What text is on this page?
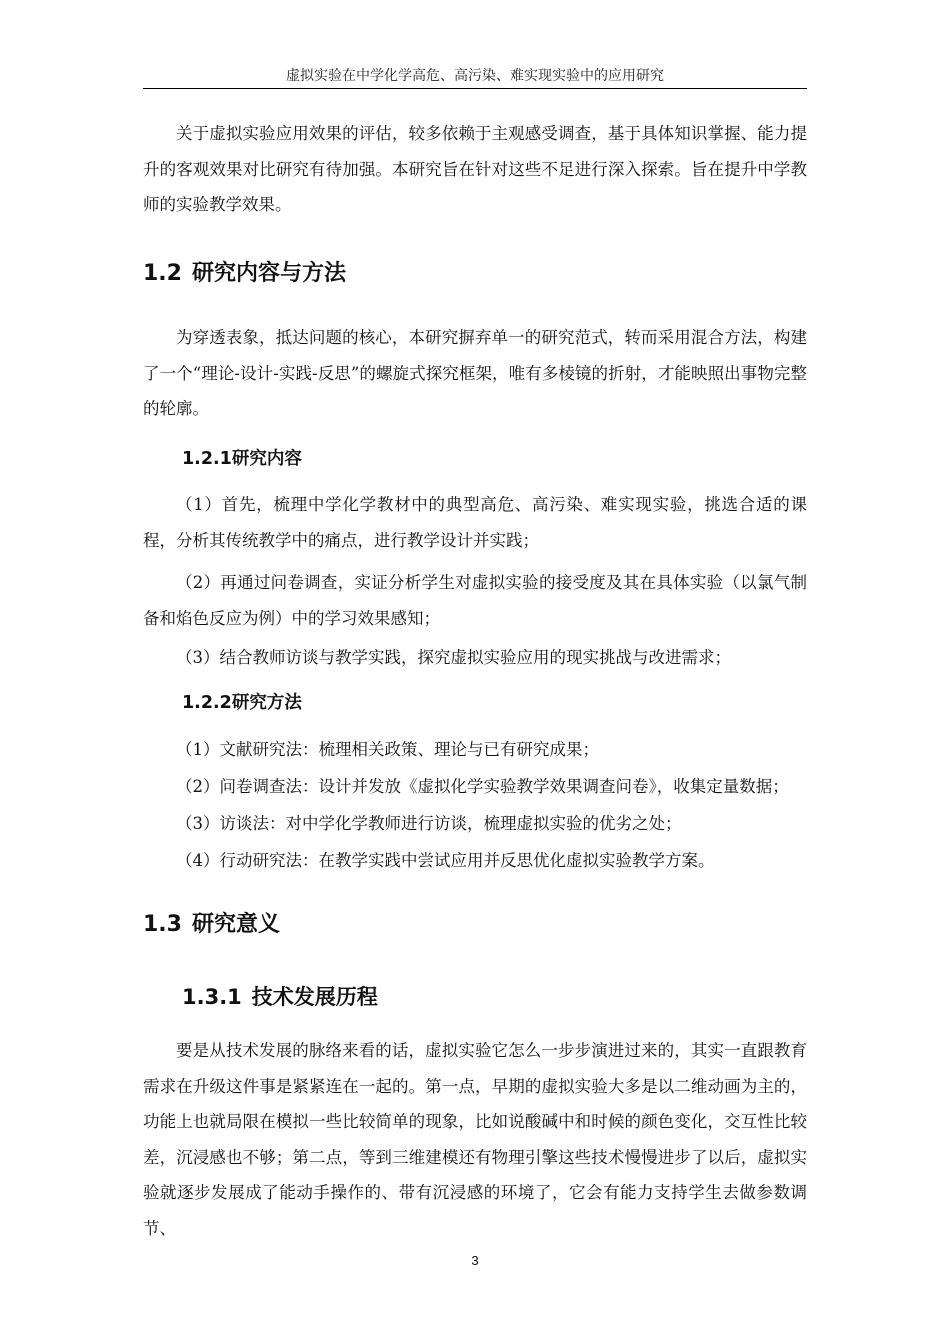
虚拟实验在中学化学高危、高污染、难实现实验中的应用研究

关于虚拟实验应用效果的评估，较多依赖于主观感受调查，基于具体知识掌握、能力提升的客观效果对比研究有待加强。本研究旨在针对这些不足进行深入探索。旨在提升中学教师的实验教学效果。

1.2 研究内容与方法

为穿透表象，抵达问题的核心，本研究摒弃单一的研究范式，转而采用混合方法，构建了一个“理论-设计-实践-反思”的螺旋式探究框架，唯有多棱镜的折射，才能映照出事物完整的轮廓。

1.2.1研究内容

（1）首先，梳理中学化学教材中的典型高危、高污染、难实现实验，挑选合适的课程，分析其传统教学中的痛点，进行教学设计并实践；

（2）再通过问卷调查，实证分析学生对虚拟实验的接受度及其在具体实验（以氯气制备和焰色反应为例）中的学习效果感知；

（3）结合教师访谈与教学实践，探究虚拟实验应用的现实挑战与改进需求；

1.2.2研究方法

（1）文献研究法：梳理相关政策、理论与已有研究成果；

（2）问卷调查法：设计并发放《虚拟化学实验教学效果调查问卷》，收集定量数据；

（3）访谈法：对中学化学教师进行访谈，梳理虚拟实验的优劣之处；

（4）行动研究法：在教学实践中尝试应用并反思优化虚拟实验教学方案。

1.3 研究意义
1.3.1 技术发展历程

要是从技术发展的脉络来看的话，虚拟实验它怎么一步步演进过来的，其实一直跟教育需求在升级这件事是紧紧连在一起的。第一点，早期的虚拟实验大多是以二维动画为主的，功能上也就局限在模拟一些比较简单的现象，比如说酸碱中和时候的颜色变化，交互性比较差，沉浸感也不够；第二点，等到三维建模还有物理引擎这些技术慢慢进步了以后，虚拟实验就逐步发展成了能动手操作的、带有沉浸感的环境了，它会有能力支持学生去做参数调节、

3
